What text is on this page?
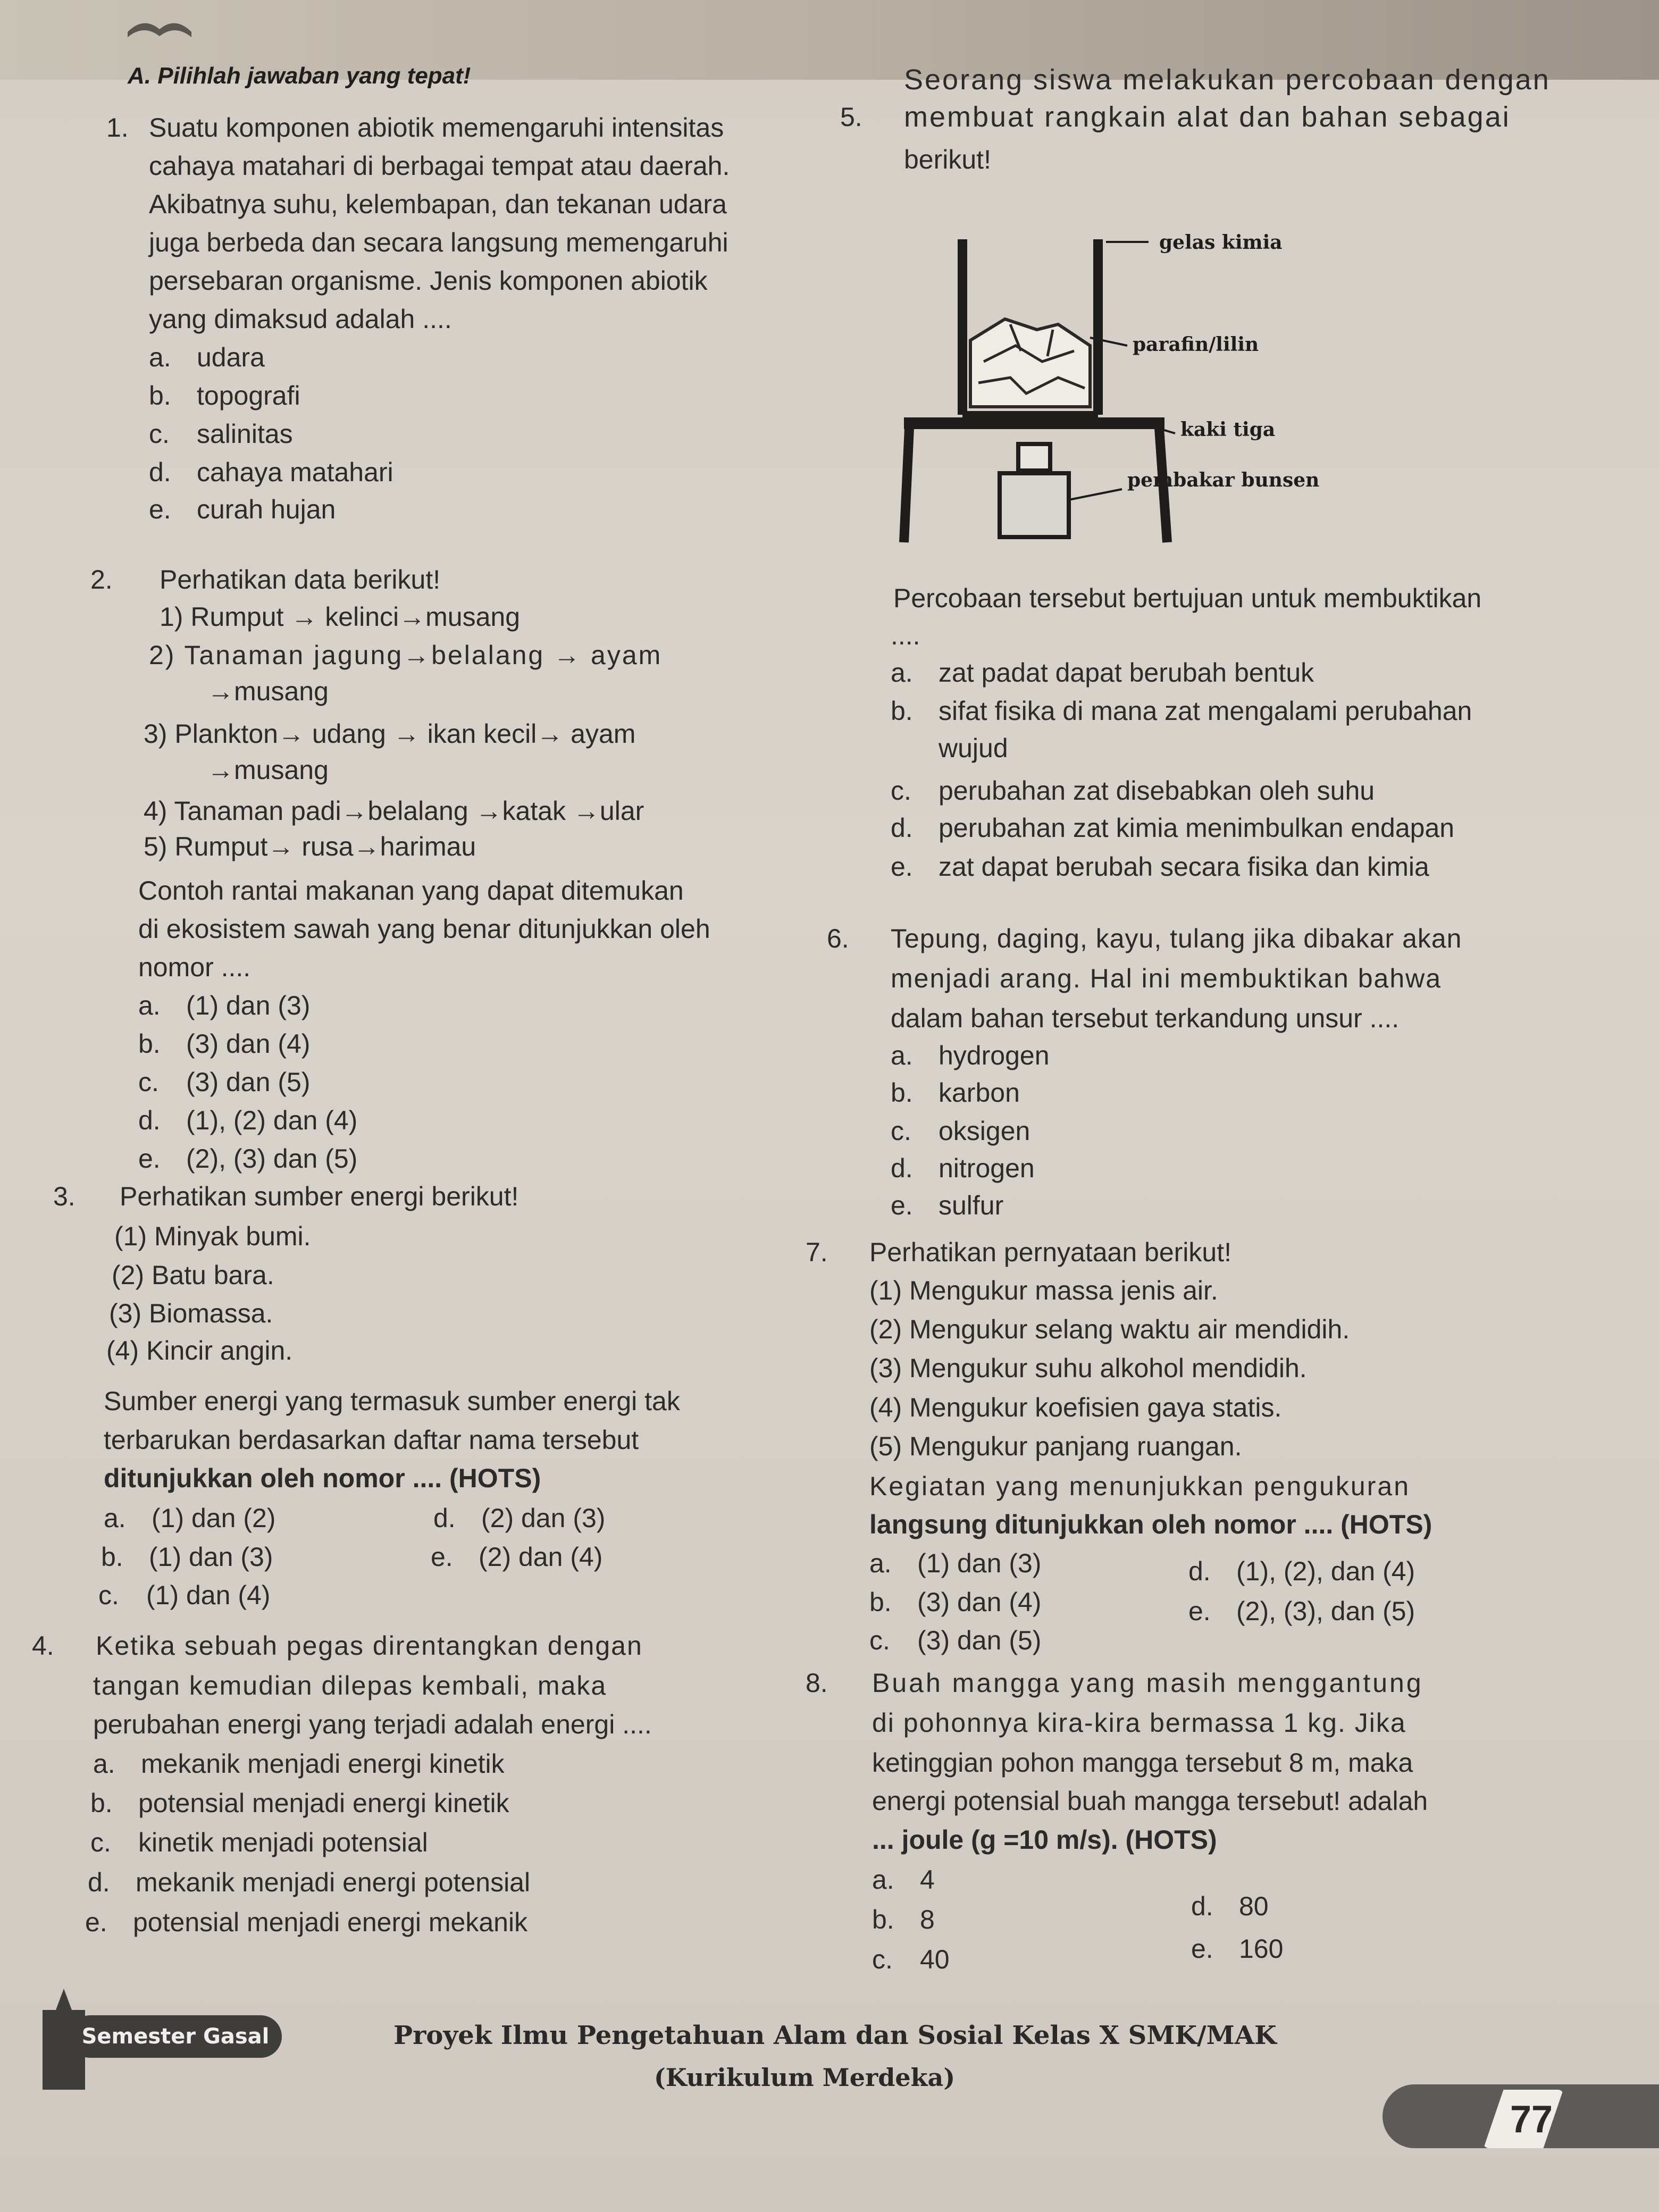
A. Pilihlah jawaban yang tepat!
1. Suatu komponen abiotik memengaruhi intensitas
cahaya matahari di berbagai tempat atau daerah.
Akibatnya suhu, kelembapan, dan tekanan udara
juga berbeda dan secara langsung memengaruhi
persebaran organisme. Jenis komponen abiotik
yang dimaksud adalah ....
a. udara
b. topografi
c. salinitas
d. cahaya matahari
e. curah hujan
2. Perhatikan data berikut!
1) Rumput → kelinci→musang
2) Tanaman jagung→belalang → ayam
→musang
3) Plankton→ udang → ikan kecil→ ayam
→musang
4) Tanaman padi→belalang →katak →ular
5) Rumput→ rusa→harimau
Contoh rantai makanan yang dapat ditemukan
di ekosistem sawah yang benar ditunjukkan oleh
nomor ....
a. (1) dan (3)
b. (3) dan (4)
c. (3) dan (5)
d. (1), (2) dan (4)
e. (2), (3) dan (5)
3. Perhatikan sumber energi berikut!
(1) Minyak bumi.
(2) Batu bara.
(3) Biomassa.
(4) Kincir angin.
Sumber energi yang termasuk sumber energi tak
terbarukan berdasarkan daftar nama tersebut
ditunjukkan oleh nomor .... (HOTS)
a. (1) dan (2)
b. (1) dan (3)
c. (1) dan (4)
d. (2) dan (3)
e. (2) dan (4)
4. Ketika sebuah pegas direntangkan dengan
tangan kemudian dilepas kembali, maka
perubahan energi yang terjadi adalah energi ....
a. mekanik menjadi energi kinetik
b. potensial menjadi energi kinetik
c. kinetik menjadi potensial
d. mekanik menjadi energi potensial
e. potensial menjadi energi mekanik
5.
Seorang siswa melakukan percobaan dengan
membuat rangkain alat dan bahan sebagai
berikut!
gelas kimia
parafin/lilin
kaki tiga
pembakar bunsen
Percobaan tersebut bertujuan untuk membuktikan
....
a. zat padat dapat berubah bentuk
b. sifat fisika di mana zat mengalami perubahan
wujud
c. perubahan zat disebabkan oleh suhu
d. perubahan zat kimia menimbulkan endapan
e. zat dapat berubah secara fisika dan kimia
6. Tepung, daging, kayu, tulang jika dibakar akan
menjadi arang. Hal ini membuktikan bahwa
dalam bahan tersebut terkandung unsur ....
a. hydrogen
b. karbon
c. oksigen
d. nitrogen
e. sulfur
7. Perhatikan pernyataan berikut!
(1) Mengukur massa jenis air.
(2) Mengukur selang waktu air mendidih.
(3) Mengukur suhu alkohol mendidih.
(4) Mengukur koefisien gaya statis.
(5) Mengukur panjang ruangan.
Kegiatan yang menunjukkan pengukuran
langsung ditunjukkan oleh nomor .... (HOTS)
a. (1) dan (3)
b. (3) dan (4)
c. (3) dan (5)
d. (1), (2), dan (4)
e. (2), (3), dan (5)
8. Buah mangga yang masih menggantung
di pohonnya kira-kira bermassa 1 kg. Jika
ketinggian pohon mangga tersebut 8 m, maka
energi potensial buah mangga tersebut! adalah
... joule (g =10 m/s). (HOTS)
a. 4
b. 8
c. 40
d. 80
e. 160
Semester Gasal	Proyek Ilmu Pengetahuan Alam dan Sosial Kelas X SMK/MAK
(Kurikulum Merdeka)
77
